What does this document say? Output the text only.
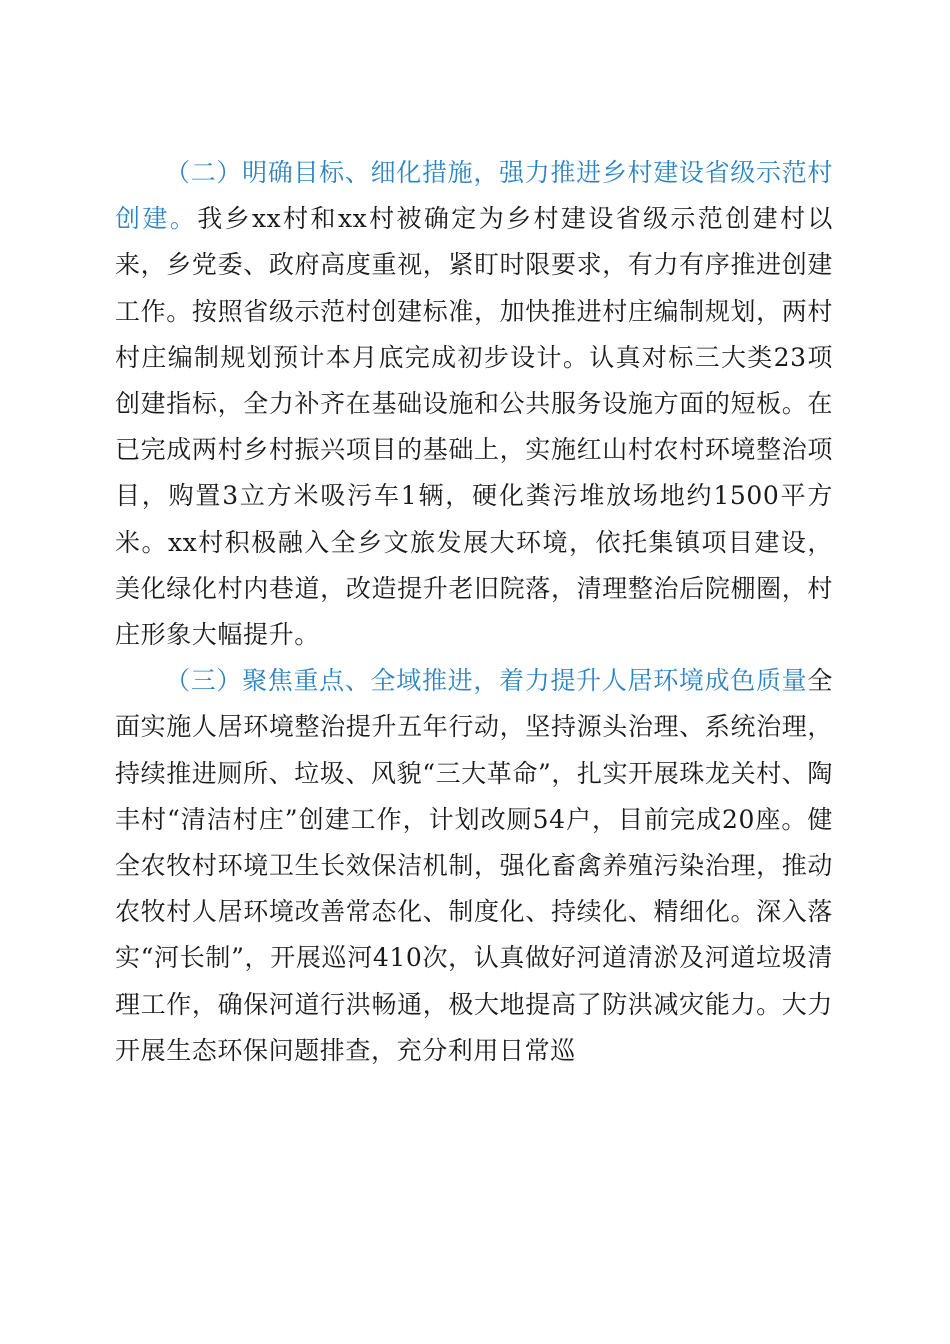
（二）明确目标、细化措施，强力推进乡村建设省级示范村创建。我乡xx村和xx村被确定为乡村建设省级示范创建村以来，乡党委、政府高度重视，紧盯时限要求，有力有序推进创建工作。按照省级示范村创建标准，加快推进村庄编制规划，两村村庄编制规划预计本月底完成初步设计。认真对标三大类23项创建指标，全力补齐在基础设施和公共服务设施方面的短板。在已完成两村乡村振兴项目的基础上，实施红山村农村环境整治项目，购置3立方米吸污车1辆，硬化粪污堆放场地约1500平方米。xx村积极融入全乡文旅发展大环境，依托集镇项目建设，美化绿化村内巷道，改造提升老旧院落，清理整治后院棚圈，村庄形象大幅提升。

（三）聚焦重点、全域推进，着力提升人居环境成色质量全面实施人居环境整治提升五年行动，坚持源头治理、系统治理，持续推进厕所、垃圾、风貌“三大革命”，扎实开展珠龙关村、陶丰村“清洁村庄”创建工作，计划改厕54户，目前完成20座。健全农牧村环境卫生长效保洁机制，强化畜禽养殖污染治理，推动农牧村人居环境改善常态化、制度化、持续化、精细化。深入落实“河长制”，开展巡河410次，认真做好河道清淤及河道垃圾清理工作，确保河道行洪畅通，极大地提高了防洪减灾能力。大力开展生态环保问题排查，充分利用日常巡
